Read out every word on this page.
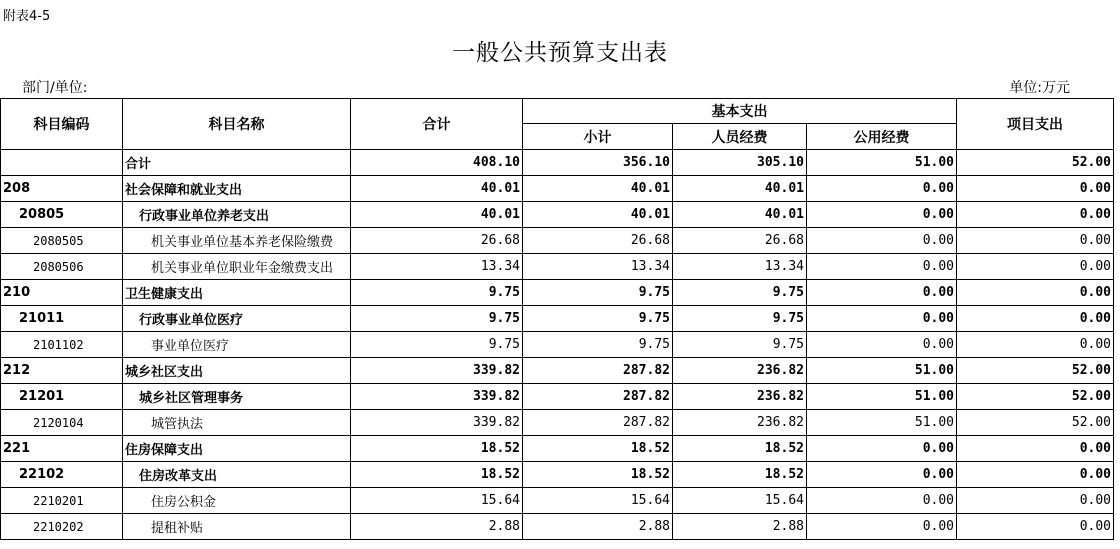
附表4-5
一般公共预算支出表
部门/单位:	单位:万元
科目编码	科目名称	合计	基本支出			项目支出
			小计	人员经费	公用经费	
	合计	408.10	356.10	305.10	51.00	52.00
208	社会保障和就业支出	40.01	40.01	40.01	0.00	0.00
20805	行政事业单位养老支出	40.01	40.01	40.01	0.00	0.00
2080505	机关事业单位基本养老保险缴费	26.68	26.68	26.68	0.00	0.00
2080506	机关事业单位职业年金缴费支出	13.34	13.34	13.34	0.00	0.00
210	卫生健康支出	9.75	9.75	9.75	0.00	0.00
21011	行政事业单位医疗	9.75	9.75	9.75	0.00	0.00
2101102	事业单位医疗	9.75	9.75	9.75	0.00	0.00
212	城乡社区支出	339.82	287.82	236.82	51.00	52.00
21201	城乡社区管理事务	339.82	287.82	236.82	51.00	52.00
2120104	城管执法	339.82	287.82	236.82	51.00	52.00
221	住房保障支出	18.52	18.52	18.52	0.00	0.00
22102	住房改革支出	18.52	18.52	18.52	0.00	0.00
2210201	住房公积金	15.64	15.64	15.64	0.00	0.00
2210202	提租补贴	2.88	2.88	2.88	0.00	0.00
